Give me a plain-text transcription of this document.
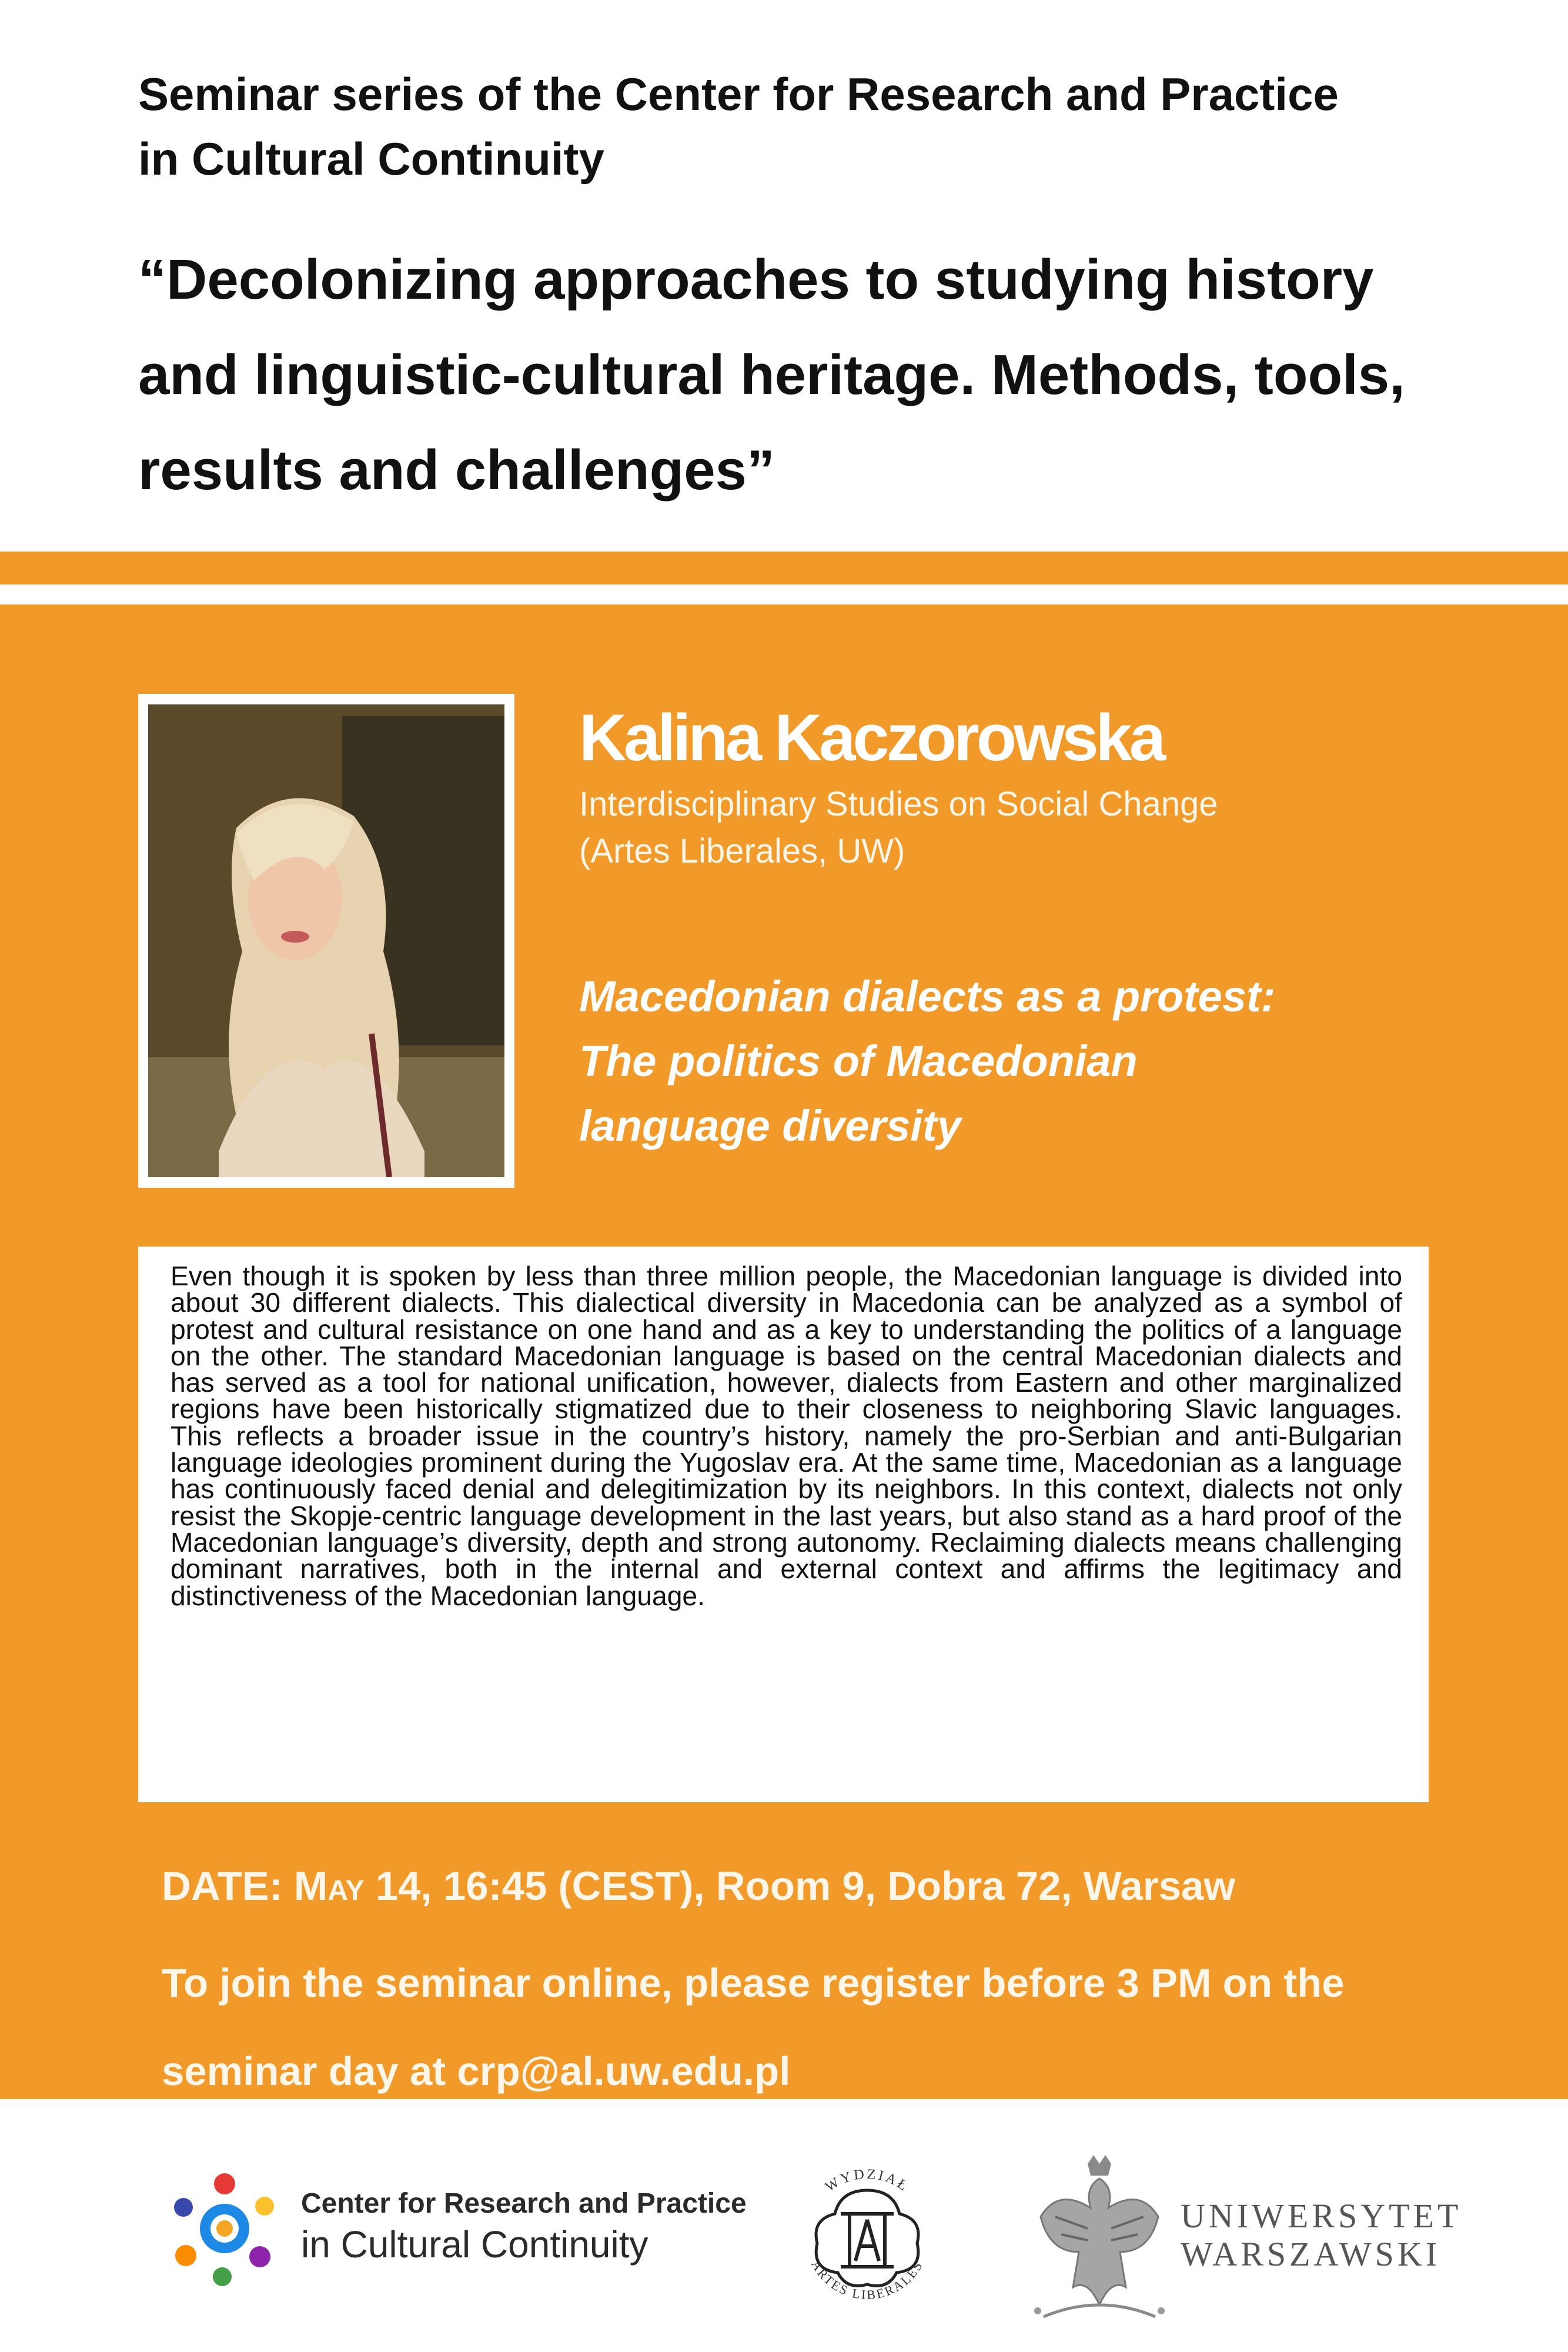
Seminar series of the Center for Research and Practice
in Cultural Continuity
“Decolonizing approaches to studying history and linguistic-cultural heritage. Methods, tools, results and challenges”
Kalina Kaczorowska
Interdisciplinary Studies on Social Change
(Artes Liberales, UW)
Macedonian dialects as a protest:
The politics of Macedonian
language diversity
Even though it is spoken by less than three million people, the Macedonian language is divided into about 30 different dialects. This dialectical diversity in Macedonia can be analyzed as a symbol of protest and cultural resistance on one hand and as a key to understanding the politics of a language on the other. The standard Macedonian language is based on the central Macedonian dialects and has served as a tool for national unification, however, dialects from Eastern and other marginalized regions have been historically stigmatized due to their closeness to neighboring Slavic languages. This reflects a broader issue in the country’s history, namely the pro-Serbian and anti-Bulgarian language ideologies prominent during the Yugoslav era. At the same time, Macedonian as a language has continuously faced denial and delegitimization by its neighbors. In this context, dialects not only resist the Skopje-centric language development in the last years, but also stand as a hard proof of the Macedonian language’s diversity, depth and strong autonomy. Reclaiming dialects means challenging dominant narratives, both in the internal and external context and affirms the legitimacy and distinctiveness of the Macedonian language.
DATE: May 14, 16:45 (CEST), Room 9, Dobra 72, Warsaw
To join the seminar online, please register before 3 PM on the
seminar day at crp@al.uw.edu.pl
Center for Research and Practice
in Cultural Continuity
WYDZIAŁ
ARTES LIBERALES
UNIWERSYTET
WARSZAWSKI
